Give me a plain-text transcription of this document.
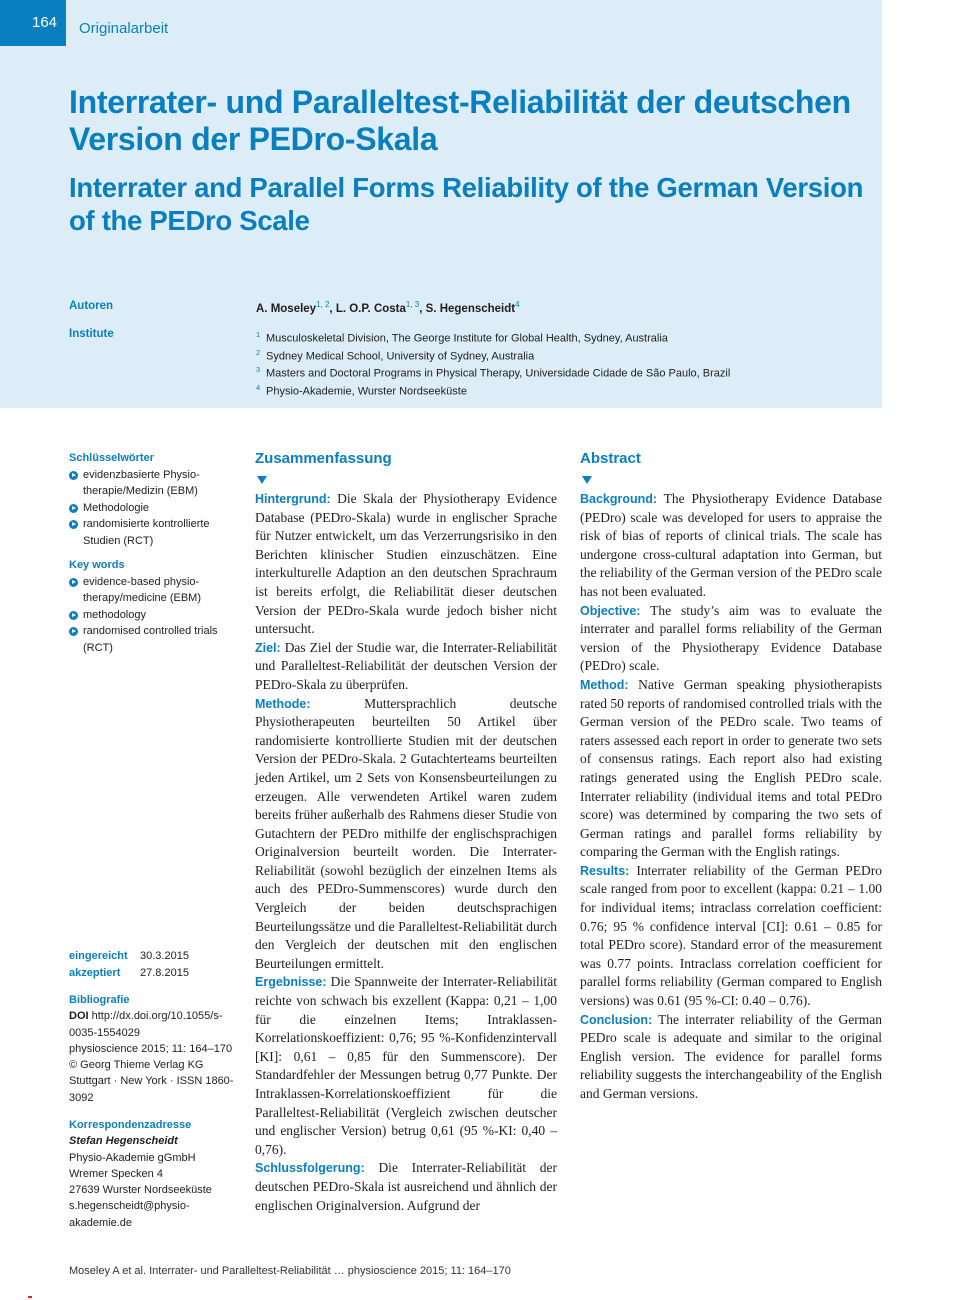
164	Originalarbeit
Interrater- und Paralleltest-Reliabilität der deutschen Version der PEDro-Skala
Interrater and Parallel Forms Reliability of the German Version of the PEDro Scale
Autoren	A. Moseley$^{1, 2}$, L. O.P. Costa$^{1, 3}$, S. Hegenscheidt$^4$
Institute	$^1$ Musculoskeletal Division, The George Institute for Global Health, Sydney, Australia
$^2$ Sydney Medical School, University of Sydney, Australia
$^3$ Masters and Doctoral Programs in Physical Therapy, Universidade Cidade de São Paulo, Brazil
$^4$ Physio-Akademie, Wurster Nordseeküste
Schlüsselwörter
evidenzbasierte Physio-therapie/Medizin (EBM)
Methodologie
randomisierte kontrollierte Studien (RCT)
Key words
evidence-based physio-therapy/medicine (EBM)
methodology
randomised controlled trials (RCT)
eingereicht 30.3.2015
akzeptiert 27.8.2015
Bibliografie
DOI http://dx.doi.org/10.1055/s-0035-1554029
physioscience 2015; 11: 164–170 © Georg Thieme Verlag KG Stuttgart · New York · ISSN 1860-3092
Korrespondenzadresse
Stefan Hegenscheidt
Physio-Akademie gGmbH
Wremer Specken 4
27639 Wurster Nordseeküste
s.hegenscheidt@physio-akademie.de
Zusammenfassung

Hintergrund: Die Skala der Physiotherapy Evidence Database (PEDro-Skala) wurde in englischer Sprache für Nutzer entwickelt, um das Verzerrungsrisiko in den Berichten klinischer Studien einzuschätzen. Eine interkulturelle Adaption an den deutschen Sprachraum ist bereits erfolgt, die Reliabilität dieser deutschen Version der PEDro-Skala wurde jedoch bisher nicht untersucht.

Ziel: Das Ziel der Studie war, die Interrater-Reliabilität und Paralleltest-Reliabilität der deutschen Version der PEDro-Skala zu überprüfen.

Methode:	Muttersprachlich deutsche Physiotherapeuten beurteilten 50 Artikel über randomisierte kontrollierte Studien mit der deutschen Version der PEDro-Skala. 2 Gutachterteams beurteilten jeden Artikel, um 2 Sets von Konsensbeurteilungen zu erzeugen. Alle verwendeten Artikel waren zudem bereits früher außerhalb des Rahmens dieser Studie von Gutachtern der PEDro mithilfe der englischsprachigen Originalversion beurteilt worden. Die Interrater-Reliabilität (sowohl bezüglich der einzelnen Items als auch des PEDro-Summenscores) wurde durch den Vergleich der beiden deutschsprachigen Beurteilungssätze und die Paralleltest-Reliabilität durch den Vergleich der deutschen mit den englischen Beurteilungen ermittelt.

Ergebnisse: Die Spannweite der Interrater-Reliabilität reichte von schwach bis exzellent (Kappa: 0,21 – 1,00 für die einzelnen Items; Intraklassen-Korrelationskoeffizient: 0,76; 95 %-Konfidenzintervall [KI]: 0,61 – 0,85 für den Summenscore). Der Standardfehler der Messungen betrug 0,77 Punkte. Der Intraklassen-Korrelationskoeffizient für die Paralleltest-Reliabilität (Vergleich zwischen deutscher und englischer Version) betrug 0,61 (95 %-KI: 0,40 – 0,76).

Schlussfolgerung: Die Interrater-Reliabilität der deutschen PEDro-Skala ist ausreichend und ähnlich der englischen Originalversion. Aufgrund der

Abstract

Background: The Physiotherapy Evidence Database (PEDro) scale was developed for users to appraise the risk of bias of reports of clinical trials. The scale has undergone cross-cultural adaptation into German, but the reliability of the German version of the PEDro scale has not been evaluated.

Objective: The study’s aim was to evaluate the interrater and parallel forms reliability of the German version of the Physiotherapy Evidence Database (PEDro) scale.

Method: Native German speaking physiotherapists rated 50 reports of randomised controlled trials with the German version of the PEDro scale. Two teams of raters assessed each report in order to generate two sets of consensus ratings. Each report also had existing ratings generated using the English PEDro scale. Interrater reliability (individual items and total PEDro score) was determined by comparing the two sets of German ratings and parallel forms reliability by comparing the German with the English ratings.

Results: Interrater reliability of the German PEDro scale ranged from poor to excellent (kappa: 0.21 – 1.00 for individual items; intraclass correlation coefficient: 0.76; 95 % confidence interval [CI]: 0.61 – 0.85 for total PEDro score). Standard error of the measurement was 0.77 points. Intraclass correlation coefficient for parallel forms reliability (German compared to English versions) was 0.61 (95 %-CI: 0.40 – 0.76).

Conclusion: The interrater reliability of the German PEDro scale is adequate and similar to the original English version. The evidence for parallel forms reliability suggests the interchangeability of the English and German versions.

Moseley A et al. Interrater- und Paralleltest-Reliabilität … physioscience 2015; 11: 164–170
